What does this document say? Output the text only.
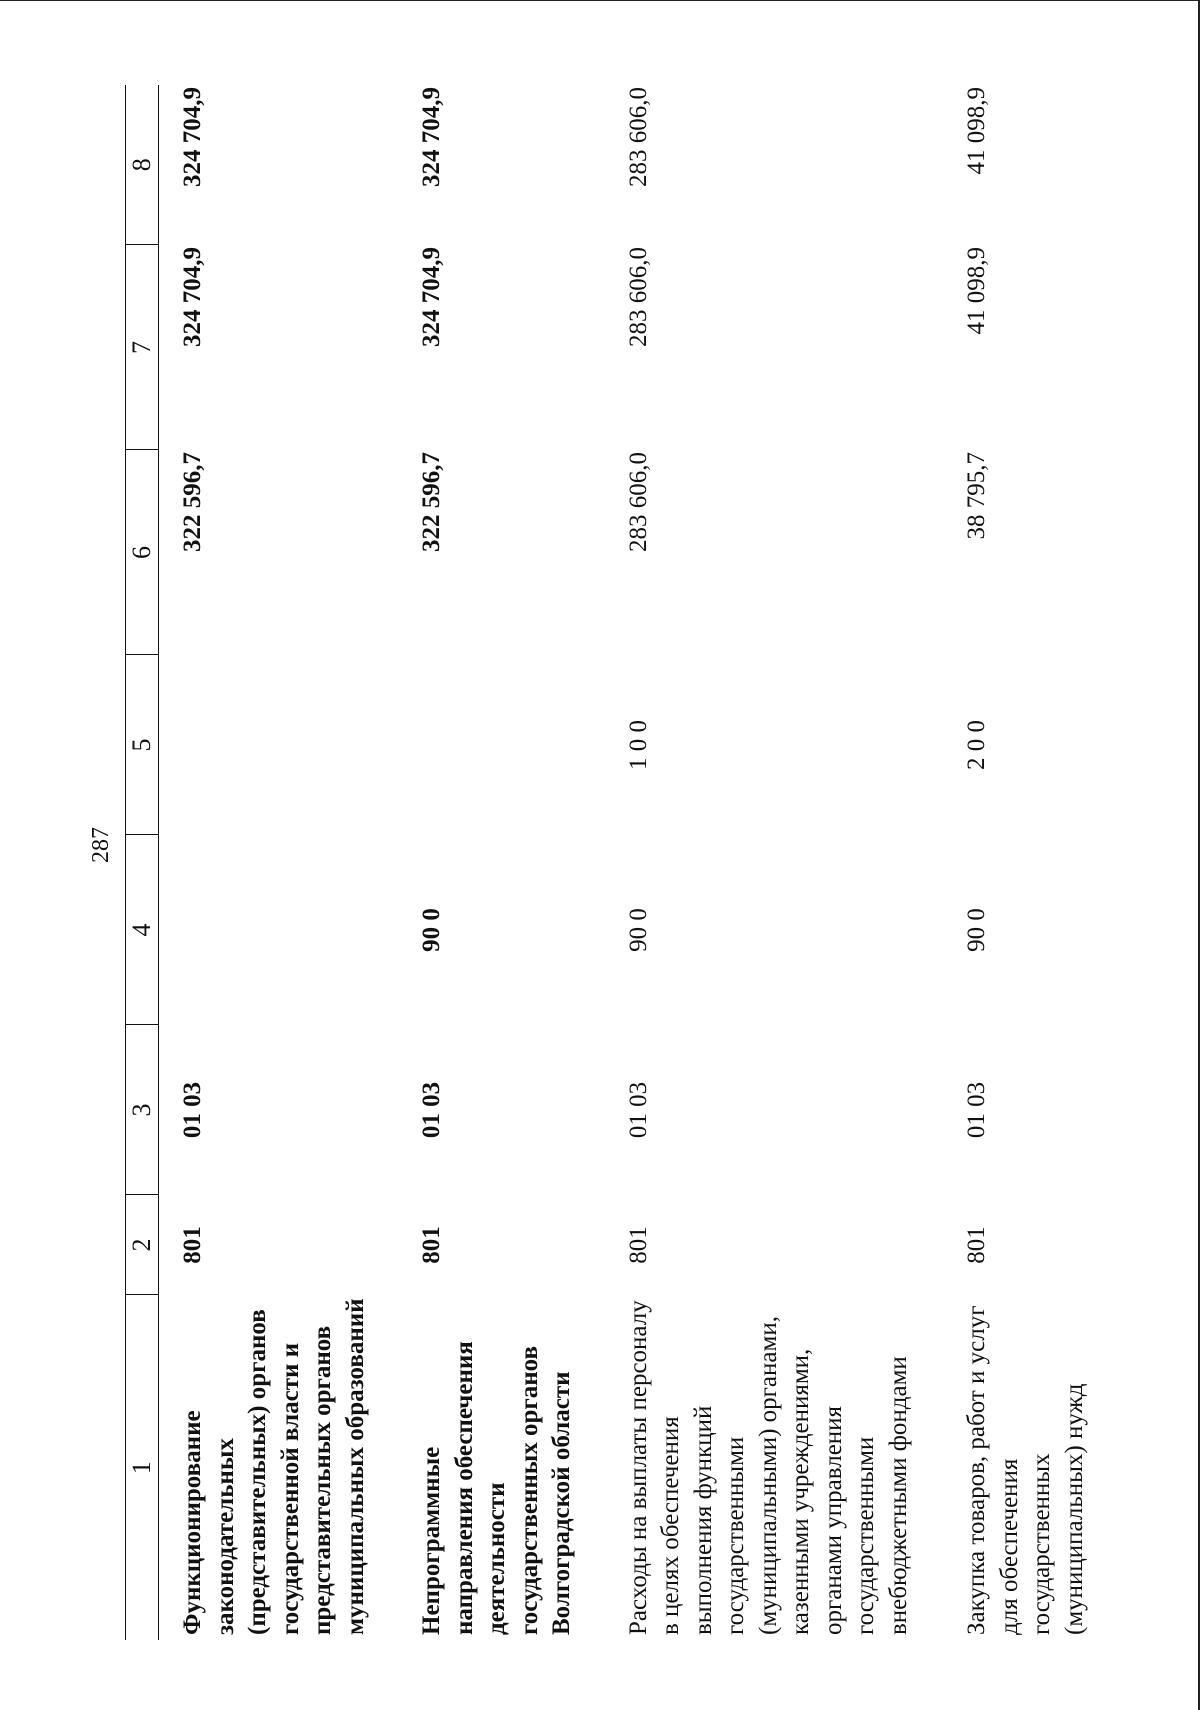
287
1	2	3	4	5	6	7	8
Функционирование законодательных (представительных) органов государственной власти и представительных органов муниципальных образований	801	01 03			322 596,7	324 704,9	324 704,9
Непрограммные направления обеспечения деятельности государственных органов Волгоградской области	801	01 03	90 0		322 596,7	324 704,9	324 704,9
Расходы на выплаты персоналу в целях обеспечения выполнения функций государственными (муниципальными) органами, казенными учреждениями, органами управления государственными внебюджетными фондами	801	01 03	90 0	1 0 0	283 606,0	283 606,0	283 606,0
Закупка товаров, работ и услуг для обеспечения государственных (муниципальных) нужд	801	01 03	90 0	2 0 0	38 795,7	41 098,9	41 098,9
